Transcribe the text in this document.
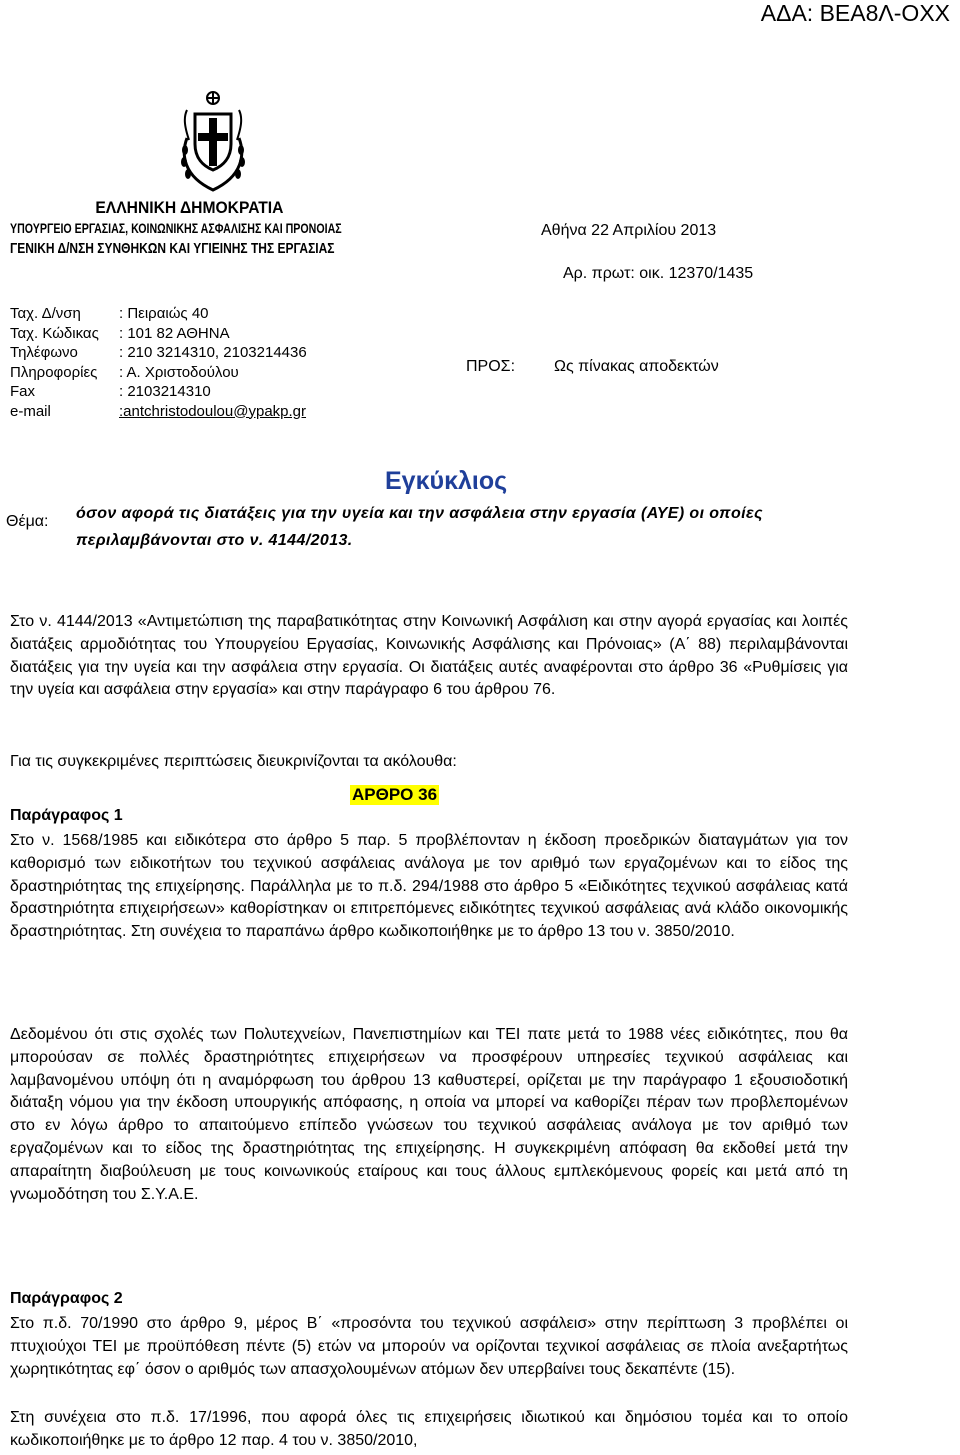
ΑΔΑ: ΒΕΑ8Λ-ΟΧΧ
ΕΛΛΗΝΙΚΗ ΔΗΜΟΚΡΑΤΙΑ
ΥΠΟΥΡΓΕΙΟ ΕΡΓΑΣΙΑΣ, ΚΟΙΝΩΝΙΚΗΣ ΑΣΦΑΛΙΣΗΣ ΚΑΙ ΠΡΟΝΟΙΑΣ
ΓΕΝΙΚΗ Δ/ΝΣΗ ΣΥΝΘΗΚΩΝ ΚΑΙ ΥΓΙΕΙΝΗΣ ΤΗΣ ΕΡΓΑΣΙΑΣ
Αθήνα 22 Απριλίου 2013
Αρ. πρωτ: οικ. 12370/1435
Ταχ. Δ/νση	: Πειραιώς 40
Ταχ. Κώδικας : 101 82 ΑΘΗΝΑ
Τηλέφωνο	: 210 3214310, 2103214436
Πληροφορίες : Α. Χριστοδούλου
Fax	: 2103214310
e-mail	:antchristodoulou@ypakp.gr
ΠΡΟΣ: Ως πίνακας αποδεκτών
Εγκύκλιος
Θέμα: όσον αφορά τις διατάξεις για την υγεία και την ασφάλεια στην εργασία (ΑΥΕ) οι οποίες περιλαμβάνονται στο ν. 4144/2013.
Στο ν. 4144/2013 «Αντιμετώπιση της παραβατικότητας στην Κοινωνική Ασφάλιση και στην αγορά εργασίας και λοιπές διατάξεις αρμοδιότητας του Υπουργείου Εργασίας, Κοινωνικής Ασφάλισης και Πρόνοιας» (Α΄ 88) περιλαμβάνονται διατάξεις για την υγεία και την ασφάλεια στην εργασία. Οι διατάξεις αυτές αναφέρονται στο άρθρο 36 «Ρυθμίσεις για την υγεία και ασφάλεια στην εργασία» και στην παράγραφο 6 του άρθρου 76.
Για τις συγκεκριμένες περιπτώσεις διευκρινίζονται τα ακόλουθα:
ΑΡΘΡΟ 36
Παράγραφος 1
Στο ν. 1568/1985 και ειδικότερα στο άρθρο 5 παρ. 5 προβλέπονταν η έκδοση προεδρικών διαταγμάτων για τον καθορισμό των ειδικοτήτων του τεχνικού ασφάλειας ανάλογα με τον αριθμό των εργαζομένων και το είδος της δραστηριότητας της επιχείρησης. Παράλληλα με το π.δ. 294/1988 στο άρθρο 5 «Ειδικότητες τεχνικού ασφάλειας κατά δραστηριότητα επιχειρήσεων» καθορίστηκαν οι επιτρεπόμενες ειδικότητες τεχνικού ασφάλειας ανά κλάδο οικονομικής δραστηριότητας. Στη συνέχεια το παραπάνω άρθρο κωδικοποιήθηκε με το άρθρο 13 του ν. 3850/2010.
Δεδομένου ότι στις σχολές των Πολυτεχνείων, Πανεπιστημίων και ΤΕΙ πατε μετά το 1988 νέες ειδικότητες, που θα μπορούσαν σε πολλές δραστηριότητες επιχειρήσεων να προσφέρουν υπηρεσίες τεχνικού ασφάλειας και λαμβανομένου υπόψη ότι η αναμόρφωση του άρθρου 13 καθυστερεί, ορίζεται με την παράγραφο 1 εξουσιοδοτική διάταξη νόμου για την έκδοση υπουργικής απόφασης, η οποία να μπορεί να καθορίζει πέραν των προβλεπομένων στο εν λόγω άρθρο το απαιτούμενο επίπεδο γνώσεων του τεχνικού ασφάλειας ανάλογα με τον αριθμό των εργαζομένων και το είδος της δραστηριότητας της επιχείρησης. Η συγκεκριμένη απόφαση θα εκδοθεί μετά την απαραίτητη διαβούλευση με τους κοινωνικούς εταίρους και τους άλλους εμπλεκόμενους φορείς και μετά από τη γνωμοδότηση του Σ.Υ.Α.Ε.
Παράγραφος 2
Στο π.δ. 70/1990 στο άρθρο 9, μέρος Β΄ «προσόντα του τεχνικού ασφάλεισ» στην περίπτωση 3 προβλέπει οι πτυχιούχοι ΤΕΙ με προϋπόθεση πέντε (5) ετών να μπορούν να ορίζονται τεχνικοί ασφάλειας σε πλοία ανεξαρτήτως χωρητικότητας εφ΄ όσον ο αριθμός των απασχολουμένων ατόμων δεν υπερβαίνει τους δεκαπέντε (15).
Στη συνέχεια στο π.δ. 17/1996, που αφορά όλες τις επιχειρήσεις ιδιωτικού και δημόσιου τομέα και το οποίο κωδικοποιήθηκε με το άρθρο 12 παρ. 4 του ν. 3850/2010,
